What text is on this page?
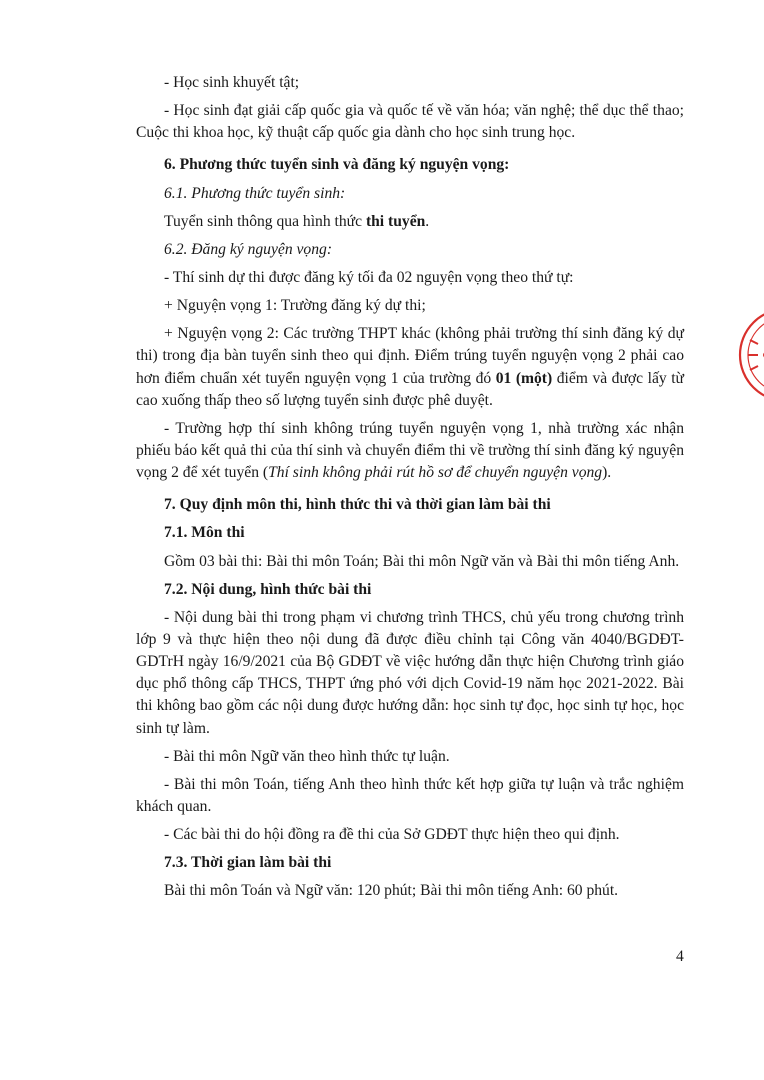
- Học sinh khuyết tật;

- Học sinh đạt giải cấp quốc gia và quốc tế về văn hóa; văn nghệ; thể dục thể thao; Cuộc thi khoa học, kỹ thuật cấp quốc gia dành cho học sinh trung học.

6. Phương thức tuyển sinh và đăng ký nguyện vọng:

6.1. Phương thức tuyển sinh:

Tuyển sinh thông qua hình thức thi tuyển.

6.2. Đăng ký nguyện vọng:

- Thí sinh dự thi được đăng ký tối đa 02 nguyện vọng theo thứ tự:

+ Nguyện vọng 1: Trường đăng ký dự thi;

+ Nguyện vọng 2: Các trường THPT khác (không phải trường thí sinh đăng ký dự thi) trong địa bàn tuyển sinh theo qui định. Điểm trúng tuyển nguyện vọng 2 phải cao hơn điểm chuẩn xét tuyển nguyện vọng 1 của trường đó 01 (một) điểm và được lấy từ cao xuống thấp theo số lượng tuyển sinh được phê duyệt.

- Trường hợp thí sinh không trúng tuyển nguyện vọng 1, nhà trường xác nhận phiếu báo kết quả thi của thí sinh và chuyển điểm thi về trường thí sinh đăng ký nguyện vọng 2 để xét tuyển (Thí sinh không phải rút hồ sơ để chuyển nguyện vọng).

7. Quy định môn thi, hình thức thi và thời gian làm bài thi

7.1. Môn thi

Gồm 03 bài thi: Bài thi môn Toán; Bài thi môn Ngữ văn và Bài thi môn tiếng Anh.

7.2. Nội dung, hình thức bài thi

- Nội dung bài thi trong phạm vi chương trình THCS, chủ yếu trong chương trình lớp 9 và thực hiện theo nội dung đã được điều chỉnh tại Công văn 4040/BGDĐT-GDTrH ngày 16/9/2021 của Bộ GDĐT về việc hướng dẫn thực hiện Chương trình giáo dục phổ thông cấp THCS, THPT ứng phó với dịch Covid-19 năm học 2021-2022. Bài thi không bao gồm các nội dung được hướng dẫn: học sinh tự đọc, học sinh tự học, học sinh tự làm.

- Bài thi môn Ngữ văn theo hình thức tự luận.

- Bài thi môn Toán, tiếng Anh theo hình thức kết hợp giữa tự luận và trắc nghiệm khách quan.

- Các bài thi do hội đồng ra đề thi của Sở GDĐT thực hiện theo qui định.

7.3. Thời gian làm bài thi

Bài thi môn Toán và Ngữ văn: 120 phút; Bài thi môn tiếng Anh: 60 phút.

4
